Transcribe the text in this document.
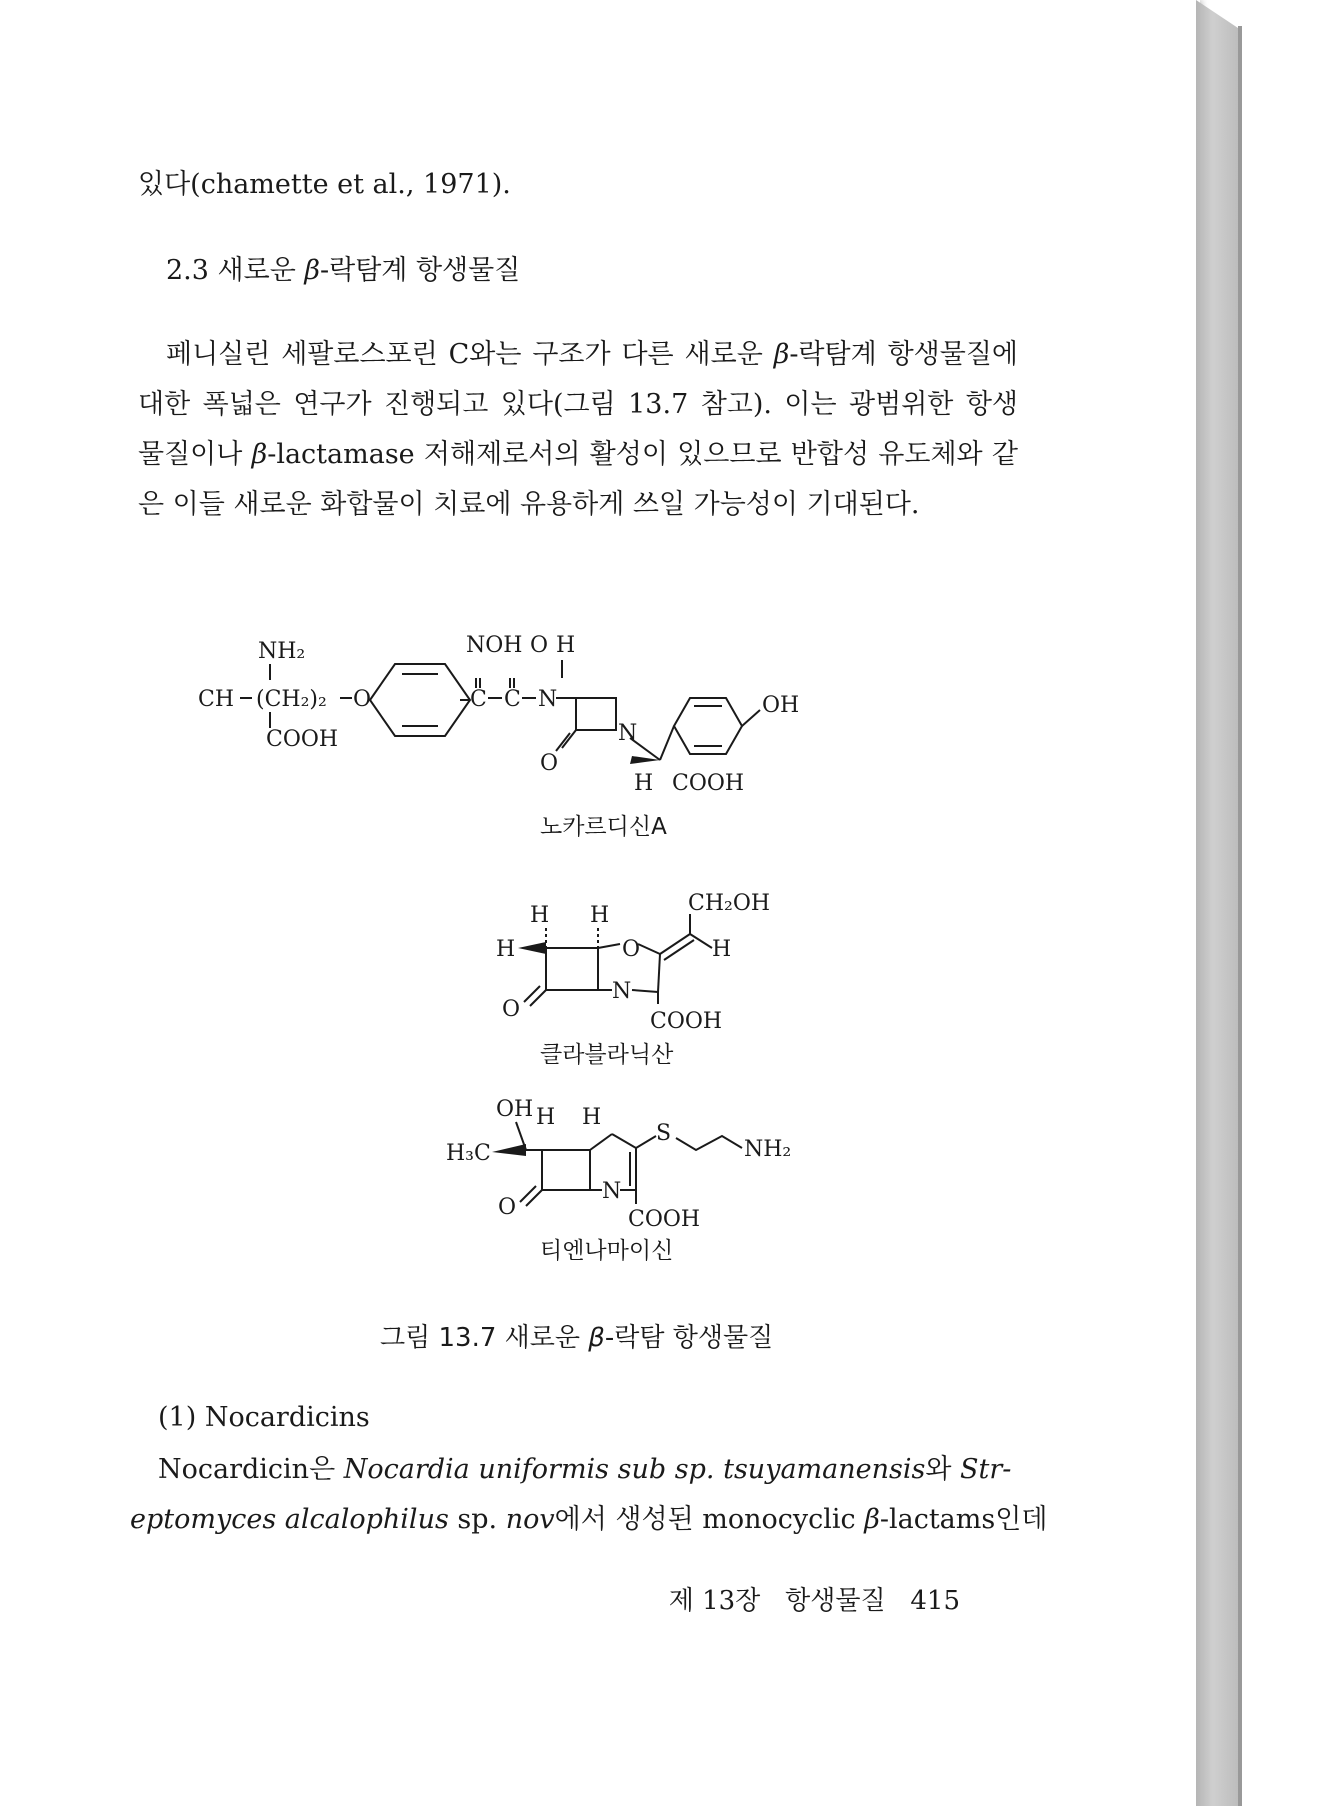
있다(chamette et al., 1971).

2.3 새로운 β-락탐계 항생물질
페니실린 세팔로스포린 C와는 구조가 다른 새로운 β-락탐계 항생물질에
대한 폭넓은 연구가 진행되고 있다(그림 13.7 참고). 이는 광범위한 항생
물질이나 β-lactamase 저해제로서의 활성이 있으므로 반합성 유도체와 같
은 이들 새로운 화합물이 치료에 유용하게 쓰일 가능성이 기대된다.
NH₂
CH (CH₂)₂ O
COOH
C
NOH
C
O
N
H
N
O
OH
H COOH
노카르디신A
H H
H	O
N
CH₂OH
H
O	COOH
클라블라닉산
OH H H
H₃C
N
S
NH₂
O	COOH
티엔나마이신
그림 13.7 새로운 β-락탐 항생물질
(1) Nocardicins
Nocardicin은 Nocardia uniformis sub sp. tsuyamanensis와 Str-
eptomyces alcalophilus sp. nov에서 생성된 monocyclic β-lactams인데
제 13장 항생물질 415
